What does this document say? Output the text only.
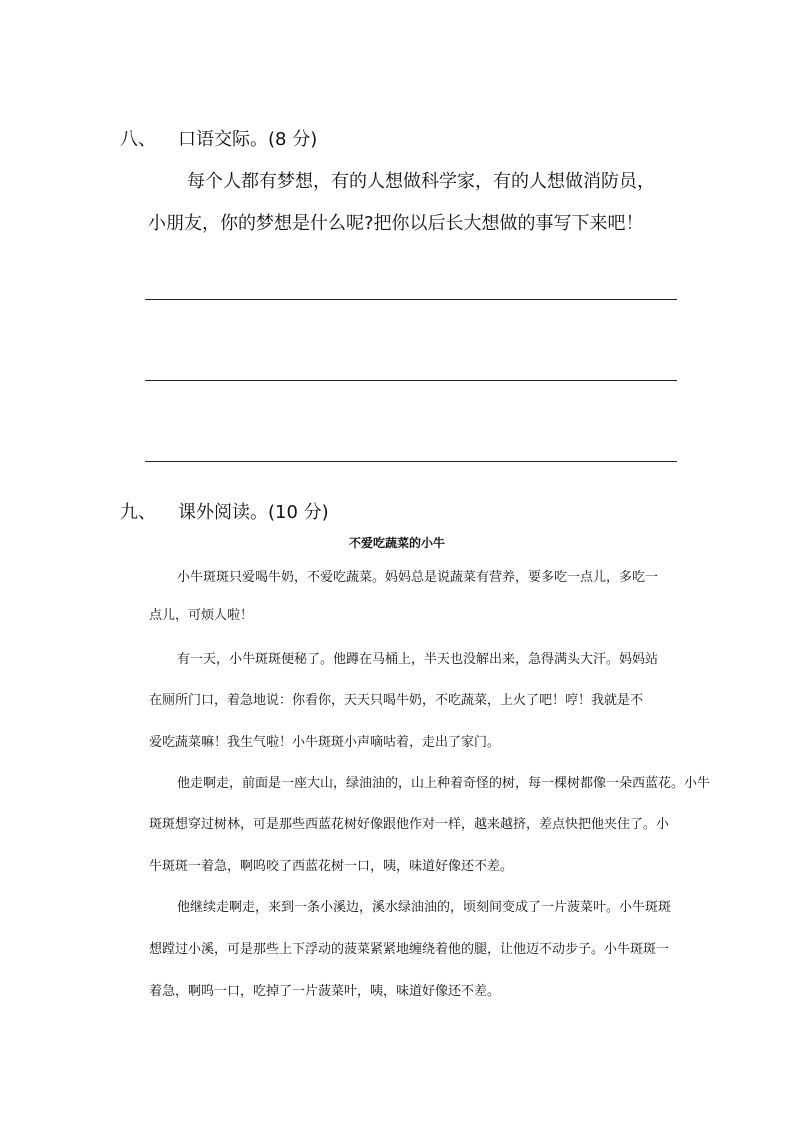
八、 口语交际。(8 分)
每个人都有梦想，有的人想做科学家，有的人想做消防员，
小朋友，你的梦想是什么呢?把你以后长大想做的事写下来吧！
九、 课外阅读。(10 分)
不爱吃蔬菜的小牛
小牛斑斑只爱喝牛奶，不爱吃蔬菜。妈妈总是说蔬菜有营养，要多吃一点儿，多吃一
点儿，可烦人啦！
有一天，小牛斑斑便秘了。他蹲在马桶上，半天也没解出来，急得满头大汗。妈妈站
在厕所门口，着急地说：你看你，天天只喝牛奶，不吃蔬菜，上火了吧！哼！我就是不
爱吃蔬菜嘛！我生气啦！小牛斑斑小声嘀咕着，走出了家门。
他走啊走，前面是一座大山，绿油油的，山上种着奇怪的树，每一棵树都像一朵西蓝花。小牛
斑斑想穿过树林，可是那些西蓝花树好像跟他作对一样，越来越挤，差点快把他夹住了。小
牛斑斑一着急，啊呜咬了西蓝花树一口，咦，味道好像还不差。
他继续走啊走，来到一条小溪边，溪水绿油油的，顷刻间变成了一片菠菜叶。小牛斑斑
想蹚过小溪，可是那些上下浮动的菠菜紧紧地缠绕着他的腿，让他迈不动步子。小牛斑斑一
着急，啊呜一口，吃掉了一片菠菜叶，咦，味道好像还不差。
